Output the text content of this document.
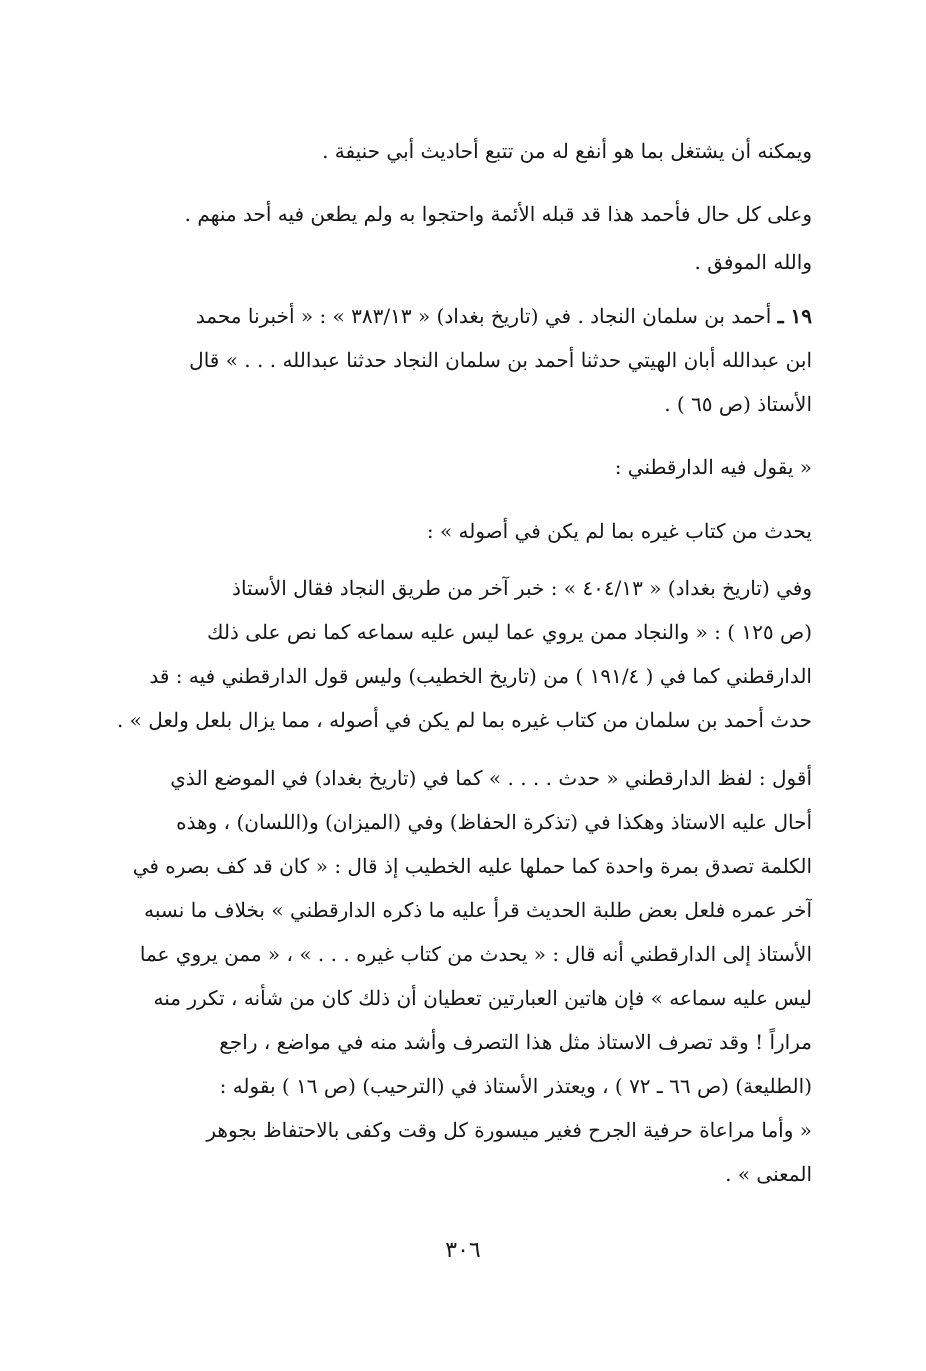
ويمكنه أن يشتغل بما هو أنفع له من تتبع أحاديث أبي حنيفة .
وعلى كل حال فأحمد هذا قد قبله الأئمة واحتجوا به ولم يطعن فيه أحد منهم .
والله الموفق .
١٩ ـ أحمد بن سلمان النجاد . في (تاريخ بغداد) « ٣٨٣/١٣ » : « أخبرنا محمد
ابن عبدالله أبان الهيتي حدثنا أحمد بن سلمان النجاد حدثنا عبدالله . . . » قال
الأستاذ (ص ٦٥ ) .
« يقول فيه الدارقطني :
يحدث من كتاب غيره بما لم يكن في أصوله » :
وفي (تاريخ بغداد) « ٤٠٤/١٣ » : خبر آخر من طريق النجاد فقال الأستاذ
(ص ١٢٥ ) : « والنجاد ممن يروي عما ليس عليه سماعه كما نص على ذلك
الدارقطني كما في ( ١٩١/٤ ) من (تاريخ الخطيب) وليس قول الدارقطني فيه : قد
حدث أحمد بن سلمان من كتاب غيره بما لم يكن في أصوله ، مما يزال بلعل ولعل » .
أقول : لفظ الدارقطني « حدث . . . . » كما في (تاريخ بغداد) في الموضع الذي
أحال عليه الاستاذ وهكذا في (تذكرة الحفاظ) وفي (الميزان) و(اللسان) ، وهذه
الكلمة تصدق بمرة واحدة كما حملها عليه الخطيب إذ قال : « كان قد كف بصره في
آخر عمره فلعل بعض طلبة الحديث قرأ عليه ما ذكره الدارقطني » بخلاف ما نسبه
الأستاذ إلى الدارقطني أنه قال : « يحدث من كتاب غيره . . . » ، « ممن يروي عما
ليس عليه سماعه » فإن هاتين العبارتين تعطيان أن ذلك كان من شأنه ، تكرر منه
مراراً ! وقد تصرف الاستاذ مثل هذا التصرف وأشد منه في مواضع ، راجع
(الطليعة) (ص ٦٦ ـ ٧٢ ) ، ويعتذر الأستاذ في (الترحيب) (ص ١٦ ) بقوله :
« وأما مراعاة حرفية الجرح فغير ميسورة كل وقت وكفى بالاحتفاظ بجوهر
المعنى » .
٣٠٦
